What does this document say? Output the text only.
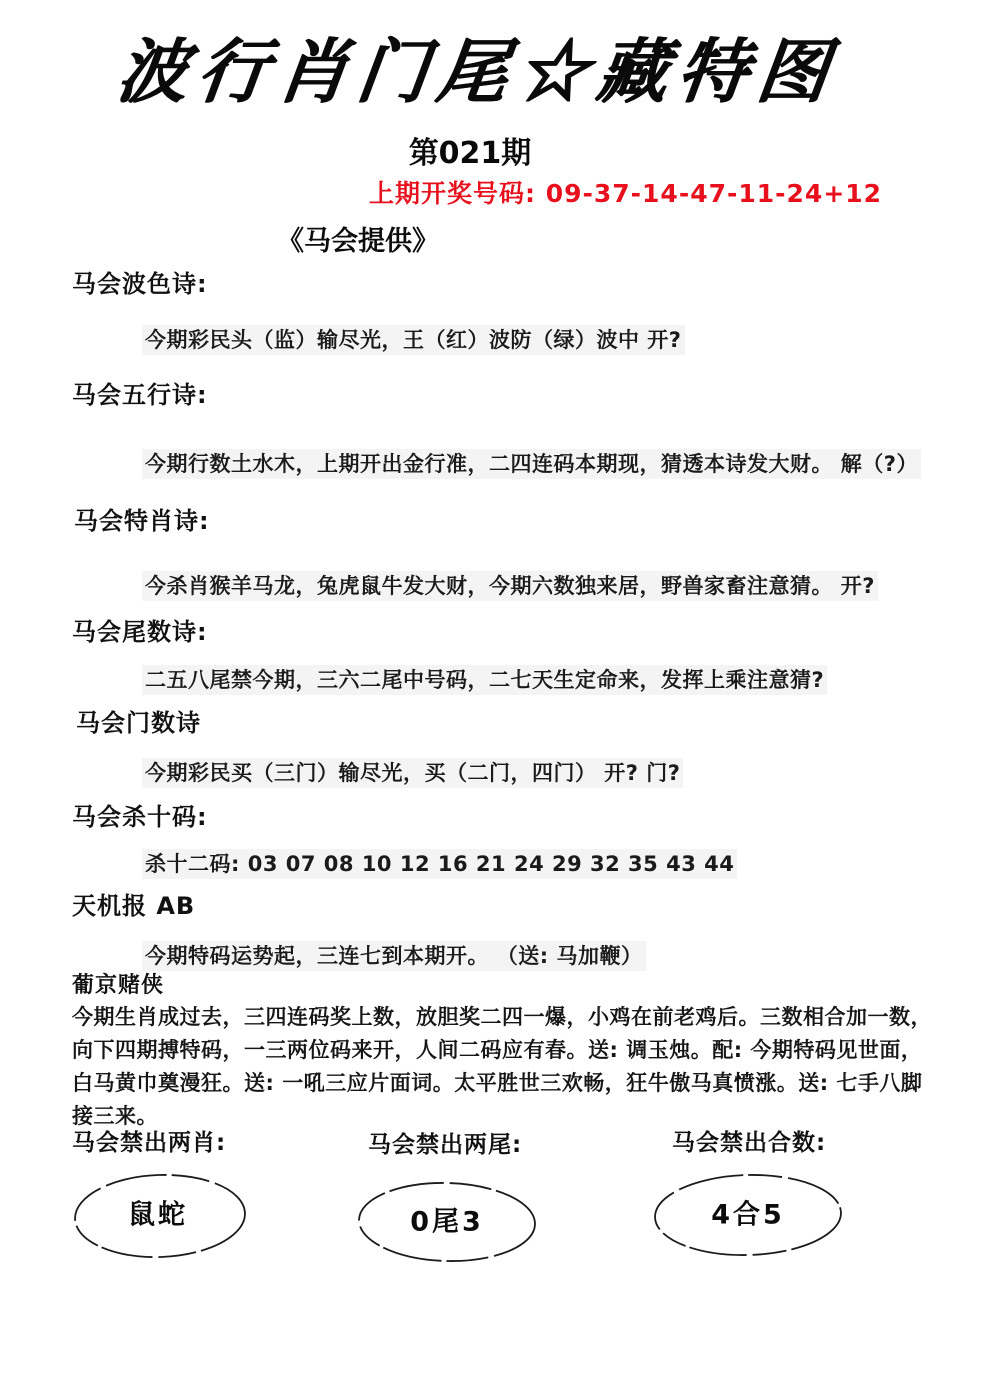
波行肖门尾☆藏特图
第021期
上期开奖号码: 09-37-14-47-11-24+12
《马会提供》
马会波色诗:
今期彩民头（监）输尽光，王（红）波防（绿）波中 开?
马会五行诗:
今期行数土水木，上期开出金行准，二四连码本期现，猜透本诗发大财。 解（?）
马会特肖诗:
今杀肖猴羊马龙，兔虎鼠牛发大财，今期六数独来居，野兽家畜注意猜。 开?
马会尾数诗:
二五八尾禁今期，三六二尾中号码，二七天生定命来，发挥上乘注意猜?
马会门数诗
今期彩民买（三门）输尽光，买（二门，四门） 开? 门?
马会杀十码:
杀十二码: 03 07 08 10 12 16 21 24 29 32 35 43 44
天机报 AB
今期特码运势起，三连七到本期开。 （送: 马加鞭）
葡京赌侠
今期生肖成过去，三四连码奖上数，放胆奖二四一爆，小鸡在前老鸡后。三数相合加一数，
向下四期搏特码，一三两位码来开，人间二码应有春。送: 调玉烛。配: 今期特码见世面，
白马黄巾奠漫狂。送: 一吼三应片面词。太平胜世三欢畅，狂牛傲马真愤涨。送: 七手八脚
接三来。
马会禁出两肖:	马会禁出两尾:	马会禁出合数:
鼠蛇	0尾3	4合5
